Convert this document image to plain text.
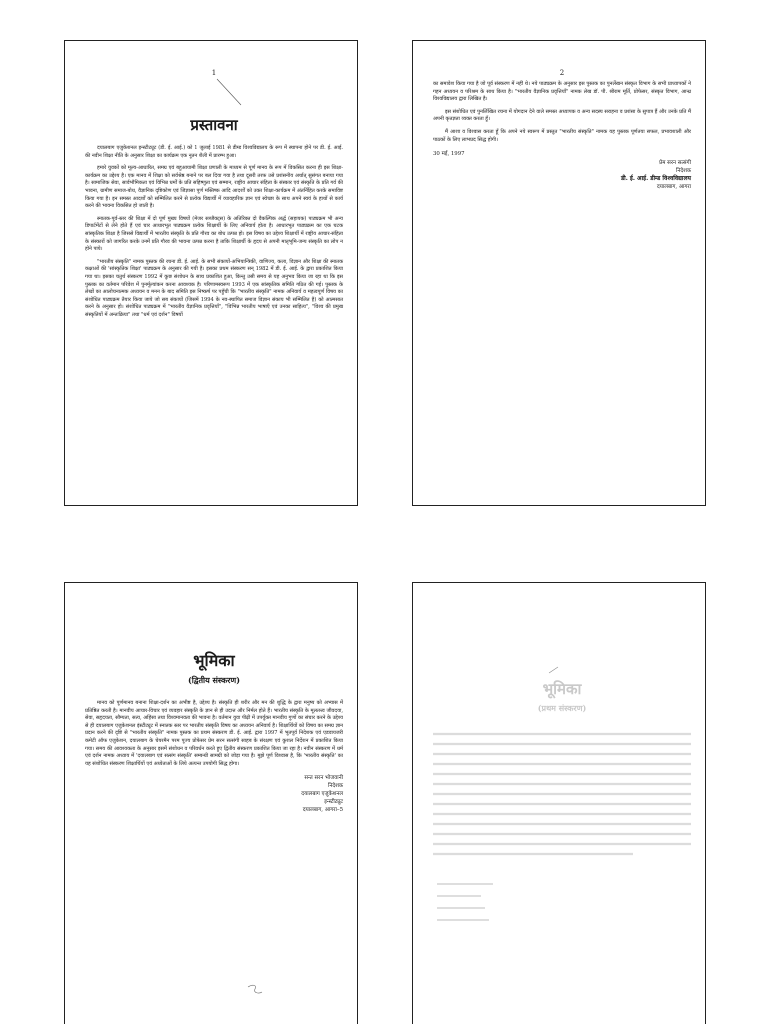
1
प्रस्तावना

दयालबाग एजुकेशनल इन्स्टीट्यूट (डी. ई. आई.) को 1 जुलाई 1981 से डीम्ड विश्वविद्यालय के रूप में स्थापना होने पर डी. ई. आई. की नवीन शिक्षा नीति के अनुसार शिक्षा का कार्यक्रम एक नूतन शैली में प्रारम्भ हुआ।

हमारे युवकों को मूल्य-आधारित, समग्र एवं बहुआयामी शिक्षा प्रणाली के माध्यम से पूर्ण मानव के रूप में विकसित करना ही इस शिक्षा-कार्यक्रम का उद्देश्य है। एक मानव में शिक्षा को सर्वश्रेष्ठ बनाने पर बल दिया गया है तथा दूसरी तरफ उसे प्रशंसनीय अर्थात् सुसंगत बनाया गया है। सामाजिक सेवा, सार्वभौमिकता एवं विभिन्न धर्मों के प्रति सहिष्णुता एवं सम्मान, राष्ट्रीय आचार संहिता के संस्कार एवं संस्कृति के प्रति गर्व की भावना, ग्रामीण समाज-बोध, वैज्ञानिक दृष्टिकोण एवं जिज्ञासा पूर्ण मस्तिष्क आदि आदर्शों को उक्त शिक्षा-कार्यक्रम में अंतर्निहित करके समाविष्ट किया गया है। इन समस्त आदर्शों को सम्मिलित करने से प्रत्येक विद्यार्थी में व्यावहारिक ज्ञान एवं स्वेच्छा के साथ अपने स्वयं के हाथों से कार्य करने की भावना विकसित हो जाती है।

स्नातक-पूर्व-स्तर की शिक्षा में दो पूर्ण मुख्य विषयों (मेजर सब्जैक्ट्स) के अतिरिक्त दो वैकल्पिक अर्द्ध (सहायक) पाठ्यक्रम भी अन्य डिपार्टमेंटों से लेने होते हैं एवं चार आधारभूत पाठ्यक्रम प्रत्येक शिक्षार्थी के लिए अनिवार्य होता है। आधारभूत पाठ्यक्रम का एक घटक सांस्कृतिक शिक्षा है जिससे विद्यार्थी में भारतीय संस्कृति के प्रति गौरव का बोध उत्पन्न हो। इस विषय का उद्देश्य शिक्षार्थी में राष्ट्रीय आचार-संहिता के संस्कारों को जागरित करके उनमें प्रति गौरव की भावना उत्पन्न करना है ताकि शिक्षार्थी के हृदय से अपनी मातृभूमि-जन्य संस्कृति का लोप न होने पाये।

"भारतीय संस्कृति" नामक पुस्तक की रचना डी. ई. आई. के सभी संकायों-अभियान्त्रिकी, वाणिज्य, कला, विज्ञान और शिक्षा की स्नातक कक्षाओं की 'सांस्कृतिक शिक्षा' पाठ्यक्रम के अनुसार की गयी है। इसका प्रथम संस्करण सन् 1982 में डी. ई. आई. के द्वारा प्रकाशित किया गया था। इसका चतुर्थ संस्करण 1992 में कुछ संशोधन के साथ प्रकाशित हुआ, किन्तु उसी समय से यह अनुभव किया जा रहा था कि इस पुस्तक का वर्तमान परिवेश में पुनर्मूल्यांकन करना आवश्यक है। परिणामस्वरूप 1993 में एक सांस्कृतिक समिति गठित की गई। पुस्तक के लेखों का आलोचनात्मक अध्ययन व मनन के बाद समिति इस निष्कर्ष पर पहुँची कि "भारतीय संस्कृति" नामक अनिवार्य व महत्वपूर्ण विषय का संशोधित पाठ्यक्रम तैयार किया जाये जो सब संकायों (जिसमें 1994 के नव-स्थापित समाज विज्ञान संकाय भी सम्मिलित है) को आत्मसात करने के अनुसार हो। संशोधित पाठ्यक्रम में "भारतीय वैज्ञानिक प्रवृत्तियाँ", "विभिन्न भारतीय भाषाएँ एवं उनका साहित्य", "विश्व की प्रमुख संस्कृतियों में अन्तःक्रिया" तथा "धर्म एवं दर्शन" विषयों

2

का समावेश किया गया है जो पूर्व संस्करण में नहीं थे। नये पाठ्यक्रम के अनुसार इस पुस्तक का पुनर्लेखन संस्कृत विभाग के सभी प्राध्यापकों ने गहन अध्ययन व परिश्रम के साथ किया है। "भारतीय वैज्ञानिक प्रवृत्तियाँ" नामक लेख डॉ. पी. श्रीराम मूर्ति, प्रोफेसर, संस्कृत विभाग, आन्ध्र विश्वविद्यालय द्वारा लिखित है।

इस संशोधित एवं पुनर्लिखित रचना में योगदान देने वाले समस्त अध्यापक व अन्य सदस्य सराहना व प्रशंसा के सुपात्र हैं और उनके प्रति मैं अपनी कृतज्ञता व्यक्त करता हूँ।

मैं आशा व विश्वास करता हूँ कि अपने नये स्वरूप में प्रस्तुत "भारतीय संस्कृति" नामक यह पुस्तक पूर्णतया सफल, प्रभावशाली और पाठकों के लिए लाभप्रद सिद्ध होगी।

30 मई, 1997
प्रेम सरन सत्संगी
निदेशक
डी. ई. आई. डीम्ड विश्वविद्यालय
दयालबाग, आगरा
भूमिका
(द्वितीय संस्करण)

मानव को पूर्णमानव बनाना शिक्षा-दर्शन का अभीष्ट है, उद्देश्य है। संस्कृति ही शरीर और मन की शुद्धि के द्वारा मनुष्य को अभ्यास में प्रतिष्ठित करती है। मानवीय आचार-विचार एवं व्यवहार संस्कृति के ज्ञान से ही उदात्त और निर्मल होते हैं। भारतीय संस्कृति के मूलतत्त्व जीवदया, सेवा, सहृदयता, सौम्यता, सत्य, अहिंसा तथा विश्वमानवता की भावना है। वर्तमान युवा पीढ़ी में उपर्युक्त मानवीय गुणों का संचार करने के उद्देश्य से ही दयालबाग एजुकेशनल इंस्टीट्यूट में स्नातक स्तर पर भारतीय संस्कृति विषय का अध्ययन अनिवार्य है। शिक्षार्थियों को विषय का समग्र ज्ञान प्रदान करने की दृष्टि से "भारतीय संस्कृति" नामक पुस्तक का प्रथम संस्करण डी. ई. आई. द्वारा 1997 में भूतपूर्व निदेशक एवं एडवायजरी कमेटी ऑफ एजुकेशन, दयालबाग के चेयरमैन परम पूज्य प्रोफेसर प्रेम सरन सत्संगी साहब के संरक्षण एवं कुशल निर्देशन में प्रकाशित किया गया। समय की आवश्यकता के अनुसार इसमें संशोधन व परिवर्धन करते हुए द्वितीय संस्करण प्रकाशित किया जा रहा है। नवीन संस्करण में धर्म एवं दर्शन नामक अध्याय में 'दयालबाग एवं सत्संग संस्कृति' सम्बन्धी सामग्री को जोड़ा गया है। मुझे पूर्ण विश्वास है, कि 'भारतीय संस्कृति' का यह संशोधित संस्करण शिक्षार्थियों एवं अध्येताओं के लिये अत्यन्त उपयोगी सिद्ध होगा।

सन्त सरन भोजवानी
निदेशक
दयालबाग एजुकेशनल
इन्स्टीट्यूट
दयालबाग, आगरा–5
भूमिका
(प्रथम संस्करण)
